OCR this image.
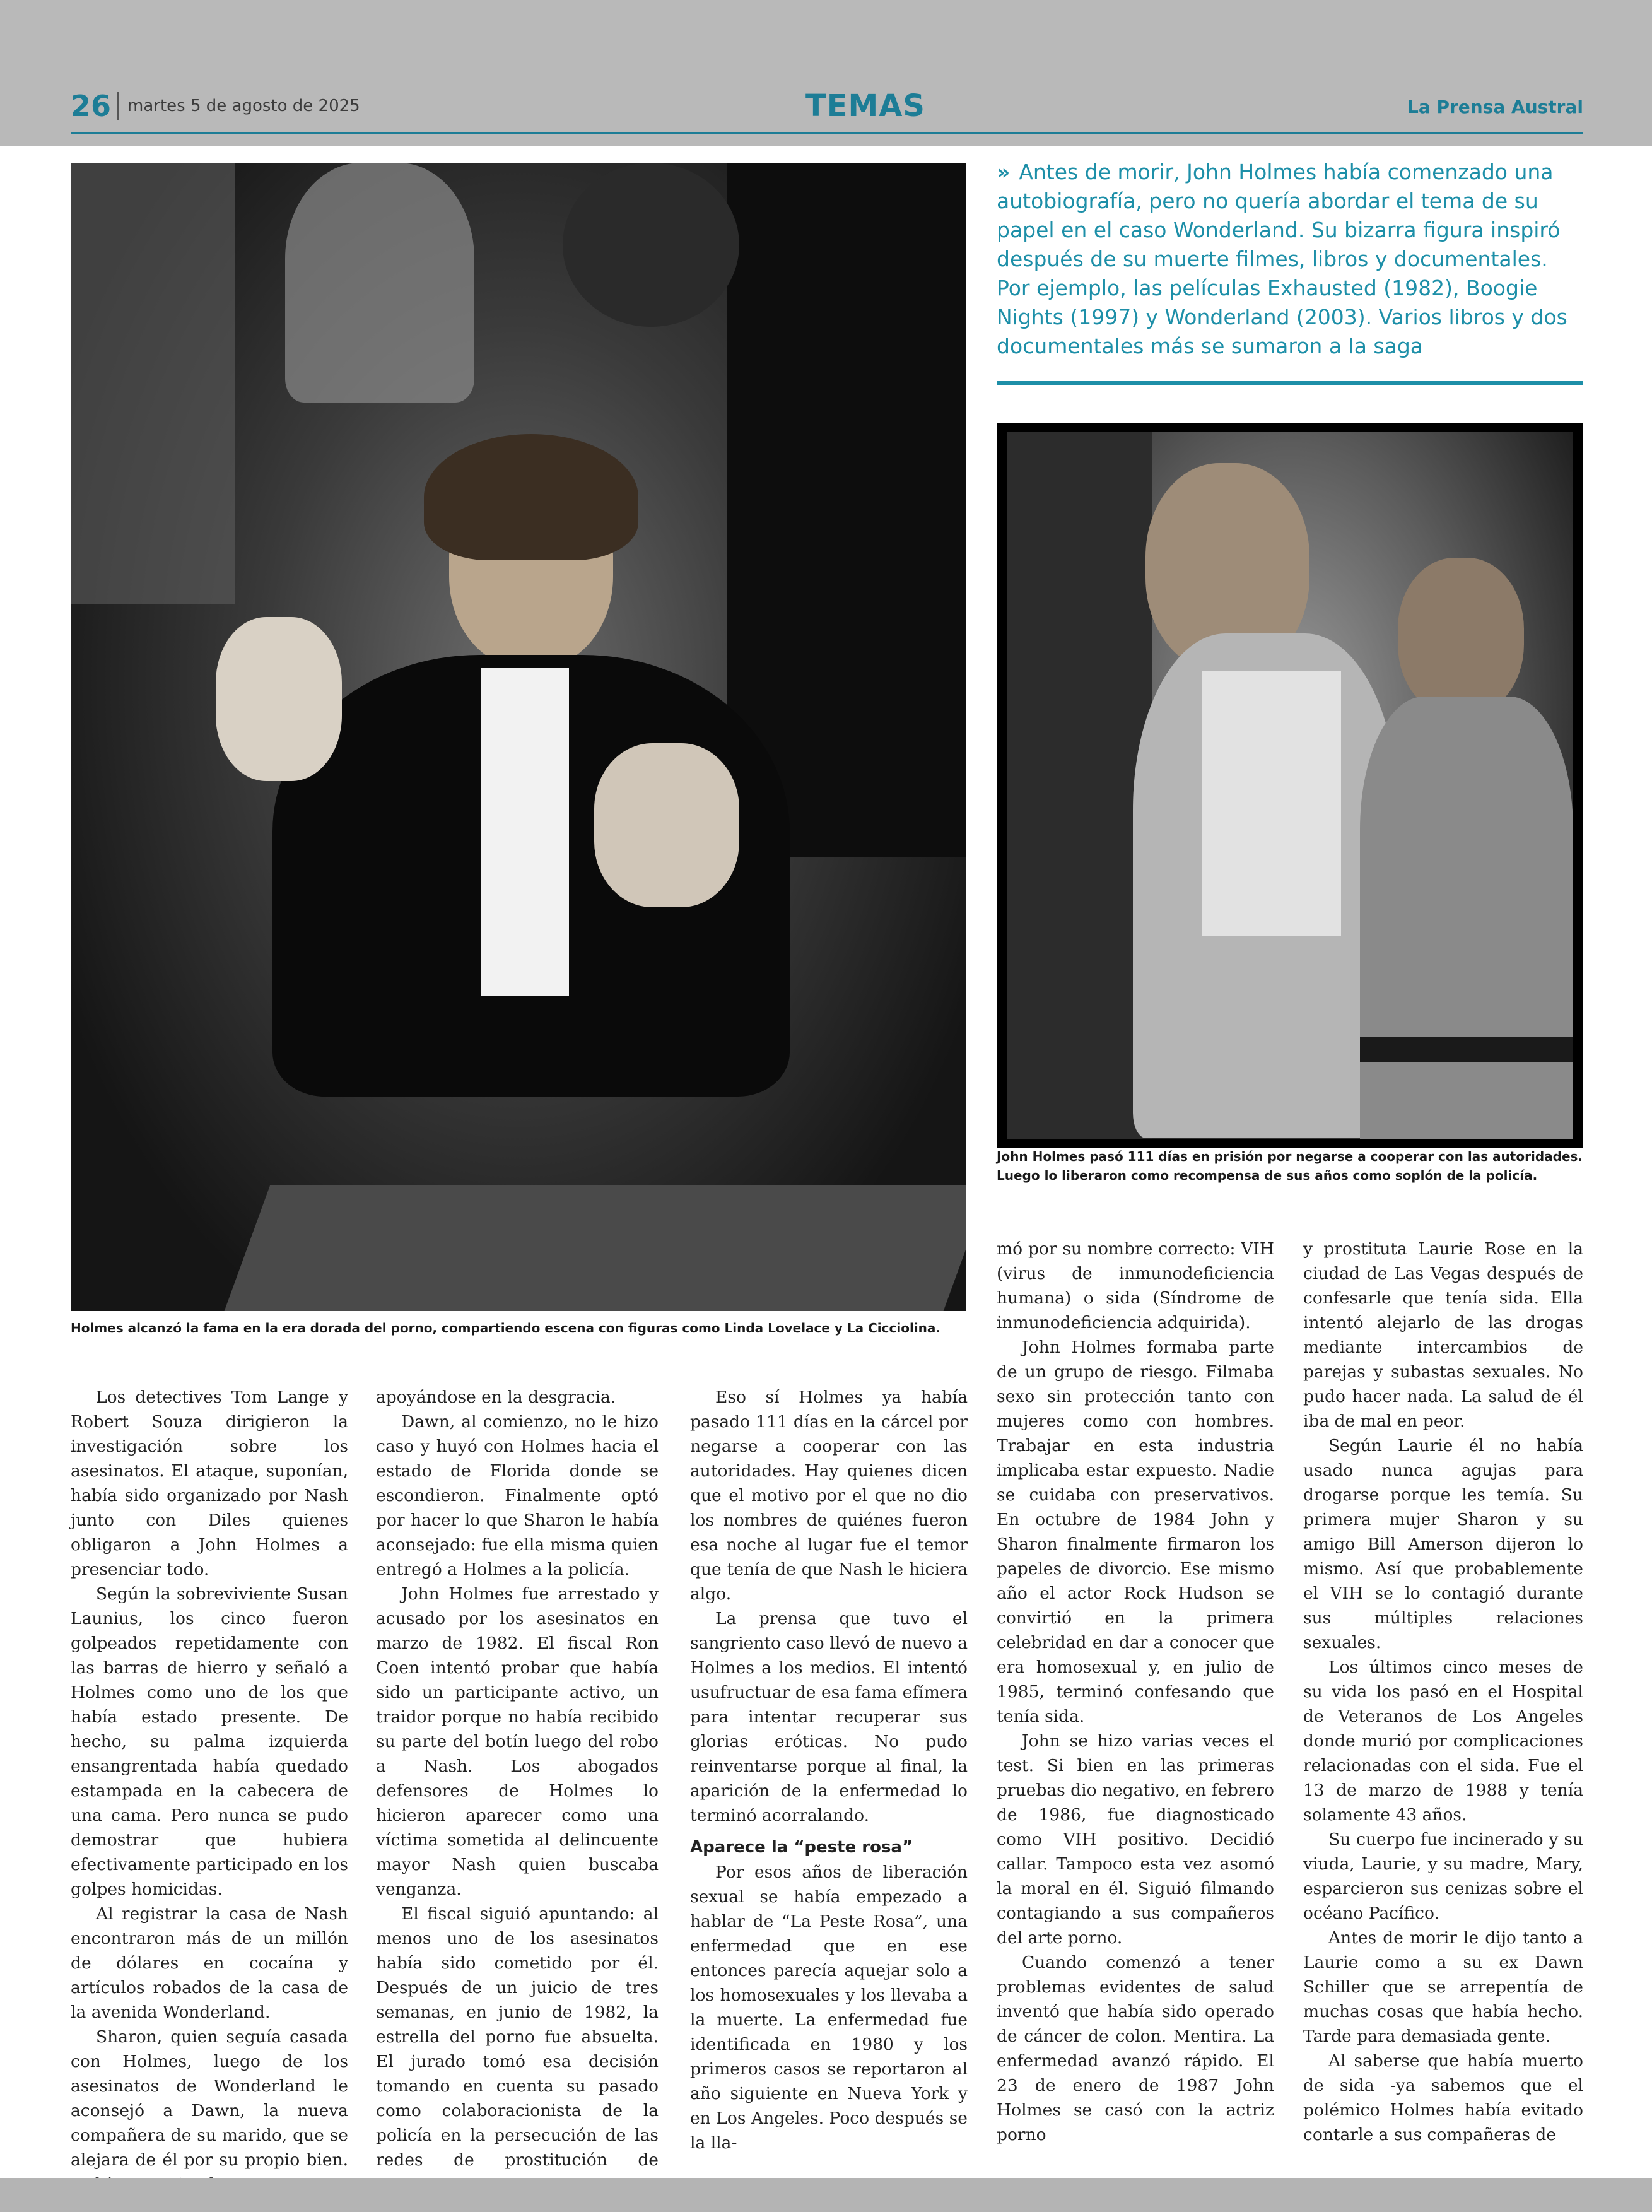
26 martes 5 de agosto de 2025	TEMAS	La Prensa Austral

Holmes alcanzó la fama en la era dorada del porno, compartiendo escena con figuras como Linda Lovelace y La Cicciolina.

» Antes de morir, John Holmes había comenzado una autobiografía, pero no quería abordar el tema de su papel en el caso Wonderland. Su bizarra figura inspiró después de su muerte filmes, libros y documentales. Por ejemplo, las películas Exhausted (1982), Boogie Nights (1997) y Wonderland (2003). Varios libros y dos documentales más se sumaron a la saga

John Holmes pasó 111 días en prisión por negarse a cooperar con las autoridades. Luego lo liberaron como recompensa de sus años como soplón de la policía.

Los detectives Tom Lange y Robert Souza dirigieron la investigación sobre los asesinatos. El ataque, suponían, había sido organizado por Nash junto con Diles quienes obligaron a John Holmes a presenciar todo.

Según la sobreviviente Susan Launius, los cinco fueron golpeados repetidamente con las barras de hierro y señaló a Holmes como uno de los que había estado presente. De hecho, su palma izquierda ensangrentada había quedado estampada en la cabecera de una cama. Pero nunca se pudo demostrar que hubiera efectivamente participado en los golpes homicidas.

Al registrar la casa de Nash encontraron más de un millón de dólares en cocaína y artículos robados de la casa de la avenida Wonderland.

Sharon, quien seguía casada con Holmes, luego de los asesinatos de Wonderland le aconsejó a Dawn, la nueva compañera de su marido, que se alejara de él por su propio bien.

apoyándose en la desgracia.

Dawn, al comienzo, no le hizo caso y huyó con Holmes hacia el estado de Florida donde se escondieron. Finalmente optó por hacer lo que Sharon le había aconsejado: fue ella misma quien entregó a Holmes a la policía.

John Holmes fue arrestado y acusado por los asesinatos en marzo de 1982. El fiscal Ron Coen intentó probar que había sido un participante activo, un traidor porque no había recibido su parte del botín luego del robo a Nash. Los abogados defensores de Holmes lo hicieron aparecer como una víctima sometida al delincuente mayor Nash quien buscaba venganza.

El fiscal siguió apuntando: al menos uno de los asesinatos había sido cometido por él. Después de un juicio de tres semanas, en junio de 1982, la estrella del porno fue absuelta. El jurado tomó esa decisión tomando en cuenta su pasado como colaboracionista de la policía en la persecución de las redes de prostitución de

Eso sí Holmes ya había pasado 111 días en la cárcel por negarse a cooperar con las autoridades. Hay quienes dicen que el motivo por el que no dio los nombres de quiénes fueron esa noche al lugar fue el temor que tenía de que Nash le hiciera algo.

La prensa que tuvo el sangriento caso llevó de nuevo a Holmes a los medios. El intentó usufructuar de esa fama efímera para intentar recuperar sus glorias eróticas. No pudo reinventarse porque al final, la aparición de la enfermedad lo terminó acorralando.

Aparece la “peste rosa”

Por esos años de liberación sexual se había empezado a hablar de “La Peste Rosa”, una enfermedad que en ese entonces parecía aquejar solo a los homosexuales y los llevaba a la muerte. La enfermedad fue identificada en 1980 y los primeros casos se reportaron al año siguiente en Nueva York y en Los Angeles. Poco después se la lla-

mó por su nombre correcto: VIH (virus de inmunodeficiencia humana) o sida (Síndrome de inmunodeficiencia adquirida).

John Holmes formaba parte de un grupo de riesgo. Filmaba sexo sin protección tanto con mujeres como con hombres. Trabajar en esta industria implicaba estar expuesto. Nadie se cuidaba con preservativos. En octubre de 1984 John y Sharon finalmente firmaron los papeles de divorcio. Ese mismo año el actor Rock Hudson se convirtió en la primera celebridad en dar a conocer que era homosexual y, en julio de 1985, terminó confesando que tenía sida.

John se hizo varias veces el test. Si bien en las primeras pruebas dio negativo, en febrero de 1986, fue diagnosticado como VIH positivo. Decidió callar. Tampoco esta vez asomó la moral en él. Siguió filmando contagiando a sus compañeros del arte porno.

Cuando comenzó a tener problemas evidentes de salud inventó que había sido operado de cáncer de colon. Mentira. La enfermedad avanzó rápido. El 23 de enero de 1987 John Holmes se casó con la actriz porno

y prostituta Laurie Rose en la ciudad de Las Vegas después de confesarle que tenía sida. Ella intentó alejarlo de las drogas mediante intercambios de parejas y subastas sexuales. No pudo hacer nada. La salud de él iba de mal en peor.

Según Laurie él no había usado nunca agujas para drogarse porque les temía. Su primera mujer Sharon y su amigo Bill Amerson dijeron lo mismo. Así que probablemente el VIH se lo contagió durante sus múltiples relaciones sexuales.

Los últimos cinco meses de su vida los pasó en el Hospital de Veteranos de Los Angeles donde murió por complicaciones relacionadas con el sida. Fue el 13 de marzo de 1988 y tenía solamente 43 años.

Su cuerpo fue incinerado y su viuda, Laurie, y su madre, Mary, esparcieron sus cenizas sobre el océano Pacífico.

Antes de morir le dijo tanto a Laurie como a su ex Dawn Schiller que se arrepentía de muchas cosas que había hecho. Tarde para demasiada gente.

Al saberse que había muerto de sida -ya sabemos que el polémico Holmes había evitado contarle a sus compañeras de
